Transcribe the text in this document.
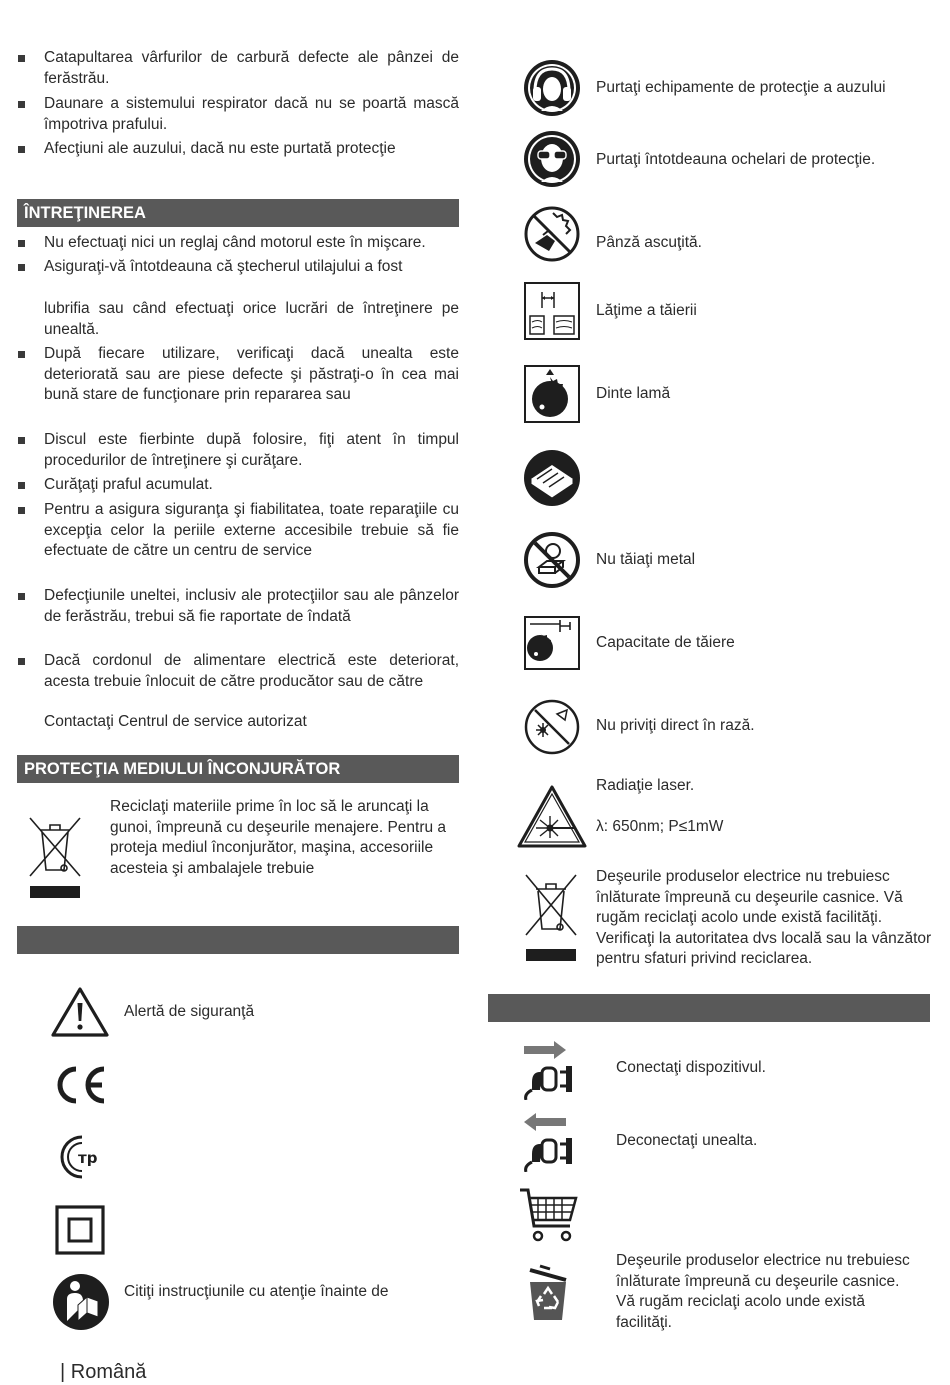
Catapultarea vârfurilor de carbură defecte ale pânzei de ferăstrău.
Daunare a sistemului respirator dacă nu se poartă mască împotriva prafului.
Afecţiuni ale auzului, dacă nu este purtată protecţie
ÎNTREŢINEREA
Nu efectuaţi nici un reglaj când motorul este în mişcare.
Asiguraţi-vă întotdeauna că ştecherul utilajului a fost
lubrifia sau când efectuaţi orice lucrări de întreţinere pe unealtă.
După fiecare utilizare, verificaţi dacă unealta este deteriorată sau are piese defecte şi păstraţi-o în cea mai bună stare de funcţionare prin repararea sau
Discul este fierbinte după folosire, fiţi atent în timpul procedurilor de întreţinere şi curăţare.
Curăţaţi praful acumulat.
Pentru a asigura siguranţa şi fiabilitatea, toate reparaţiile cu excepţia celor la periile externe accesibile trebuie să fie efectuate de către un centru de service
Defecţiunile uneltei, inclusiv ale protecţiilor sau ale pânzelor de ferăstrău, trebui să fie raportate de îndată
Dacă cordonul de alimentare electrică este deteriorat, acesta trebuie înlocuit de către producător sau de către
Contactaţi Centrul de service autorizat
PROTECŢIA MEDIULUI ÎNCONJURĂTOR
Reciclaţi materiile prime în loc să le aruncaţi la gunoi, împreună cu deşeurile menajere. Pentru a proteja mediul înconjurător, maşina, accesoriile acesteia şi ambalajele trebuie
Alertă de siguranţă
тр
Citiţi instrucţiunile cu atenţie înainte de
| Română
Purtaţi echipamente de protecţie a auzului
Purtaţi întotdeauna ochelari de protecţie.
Pânză ascuţită.
Lăţime a tăierii
Dinte lamă
Nu tăiaţi metal
Capacitate de tăiere
Nu priviţi direct în rază.
Radiaţie laser.
λ: 650nm; P≤1mW
Deşeurile produselor electrice nu trebuiesc înlăturate împreună cu deşeurile casnice. Vă rugăm reciclaţi acolo unde există facilităţi. Verificaţi la autoritatea dvs locală sau la vânzător pentru sfaturi privind reciclarea.
Conectaţi dispozitivul.
Deconectaţi unealta.
Deşeurile produselor electrice nu trebuiesc înlăturate împreună cu deşeurile casnice. Vă rugăm reciclaţi acolo unde există facilităţi.
